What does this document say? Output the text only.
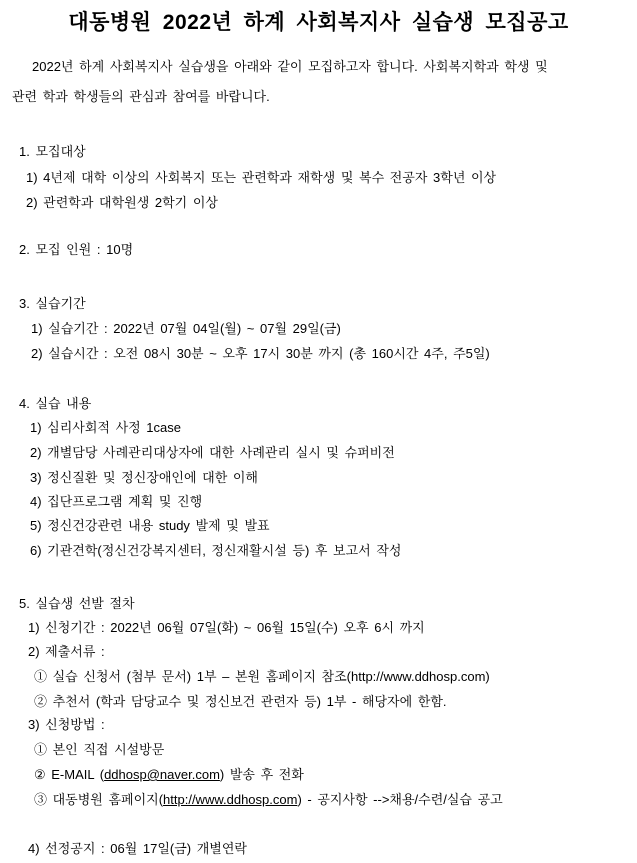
대동병원 2022년 하계 사회복지사 실습생 모집공고
2022년 하계 사회복지사 실습생을 아래와 같이 모집하고자 합니다. 사회복지학과 학생 및
관련 학과 학생들의 관심과 참여를 바랍니다.
1. 모집대상
1) 4년제 대학 이상의 사회복지 또는 관련학과 재학생 및 복수 전공자 3학년 이상
2) 관련학과 대학원생 2학기 이상
2. 모집 인원 : 10명
3. 실습기간
1) 실습기간 : 2022년 07월 04일(월) ~ 07월 29일(금)
2) 실습시간 : 오전 08시 30분 ~ 오후 17시 30분 까지 (총 160시간 4주, 주5일)
4. 실습 내용
1) 심리사회적 사정 1case
2) 개별담당 사례관리대상자에 대한 사례관리 실시 및 슈퍼비전
3) 정신질환 및 정신장애인에 대한 이해
4) 집단프로그램 계획 및 진행
5) 정신건강관련 내용 study 발제 및 발표
6) 기관견학(정신건강복지센터, 정신재활시설 등) 후 보고서 작성
5. 실습생 선발 절차
1) 신청기간 : 2022년 06월 07일(화) ~ 06월 15일(수) 오후 6시 까지
2) 제출서류 :
① 실습 신청서 (첨부 문서) 1부 – 본원 홈페이지 참조(http://www.ddhosp.com)
② 추천서 (학과 담당교수 및 정신보건 관련자 등) 1부 - 해당자에 한함.
3) 신청방법 :
① 본인 직접 시설방문
② E-MAIL (ddhosp@naver.com) 발송 후 전화
③ 대동병원 홈페이지(http://www.ddhosp.com) - 공지사항 -->채용/수련/실습 공고
4) 선정공지 : 06월 17일(금) 개별연락
